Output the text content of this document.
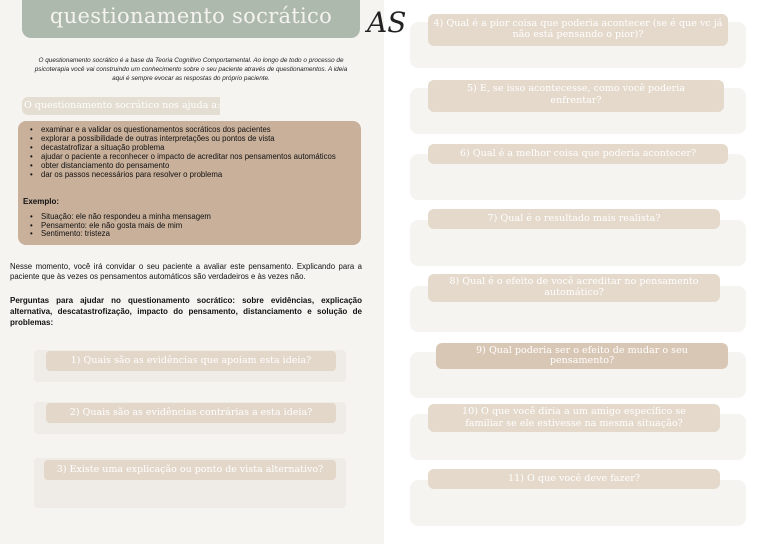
questionamento socrático	AS

O questionamento socrático é a base da Teoria Cognitivo Comportamental. Ao longo de todo o processo de psicoterapia você vai construindo um conhecimento sobre o seu paciente através de questionamentos. A ideia aqui é sempre evocar as respostas do próprio paciente.

O questionamento socrático nos ajuda a:
• examinar e a validar os questionamentos socráticos dos pacientes
• explorar a possibilidade de outras interpretações ou pontos de vista
• decastatrofizar a situação problema
• ajudar o paciente a reconhecer o impacto de acreditar nos pensamentos automáticos
• obter distanciamento do pensamento
• dar os passos necessários para resolver o problema
Exemplo:
• Situação: ele não respondeu a minha mensagem
• Pensamento: ele não gosta mais de mim
• Sentimento: tristeza

Nesse momento, você irá convidar o seu paciente a avaliar este pensamento. Explicando para a paciente que às vezes os pensamentos automáticos são verdadeiros e às vezes não.

Perguntas para ajudar no questionamento socrático: sobre evidências, explicação alternativa, descatastrofização, impacto do pensamento, distanciamento e solução de problemas:

1) Quais são as evidências que apoiam esta ideia?
2) Quais são as evidências contrárias a esta ideia?
3) Existe uma explicação ou ponto de vista alternativo?
4) Qual é a pior coisa que poderia acontecer (se é que vc já
não está pensando o pior)?
5) E, se isso acontecesse, como você poderia
enfrentar?
6) Qual é a melhor coisa que poderia acontecer?
7) Qual é o resultado mais realista?
8) Qual é o efeito de você acreditar no pensamento
automático?
9) Qual poderia ser o efeito de mudar o seu
pensamento?
10) O que você diria a um amigo específico se
familiar se ele estivesse na mesma situação?
11) O que você deve fazer?
